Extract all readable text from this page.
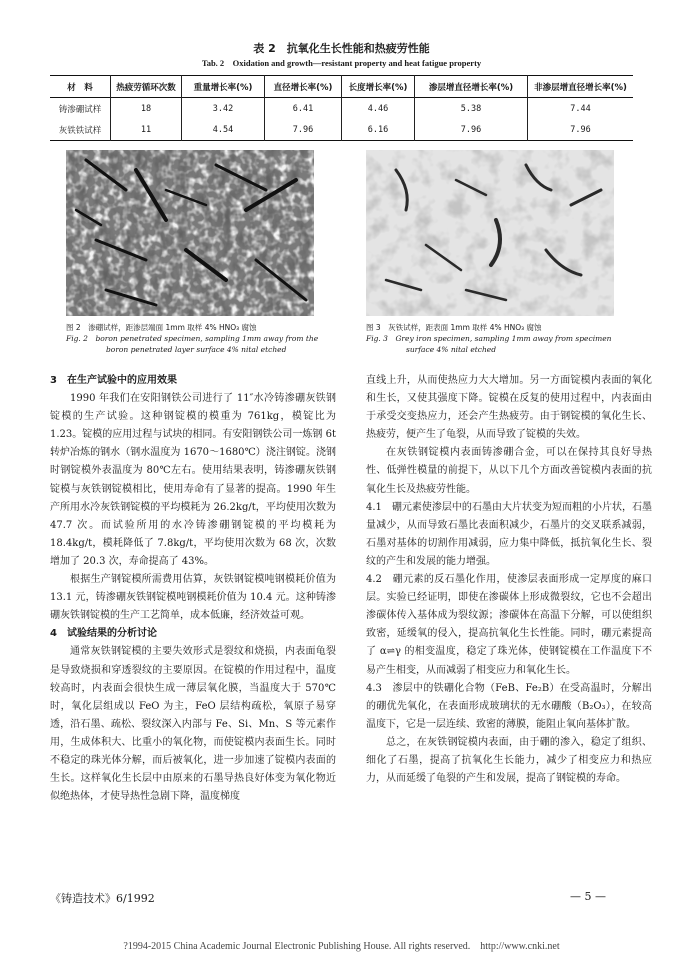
表 2　抗氧化生长性能和热疲劳性能
Tab. 2　Oxidation and growth—resistant property and heat fatigue property
材　料	热疲劳循环次数	重量增长率(%)	直径增长率(%)	长度增长率(%)	渗层增直径增长率(%)	非渗层增直径增长率(%)
铸渗硼试样	18	3.42	6.41	4.46	5.38	7.44
灰铁铁试样	11	4.54	7.96	6.16	7.96	7.96
图 2　渗硼试样，距渗层端面 1mm 取样 4% HNO₃ 腐蚀
Fig. 2　boron penetrated specimen, sampling 1mm away from the
boron penetrated layer surface 4% nital etched
图 3　灰铁试样，距表面 1mm 取样 4% HNO₃ 腐蚀
Fig. 3　Grey iron specimen, sampling 1mm away from specimen
surface 4% nital etched
3　在生产试验中的应用效果

1990 年我们在安阳钢铁公司进行了 11″水冷铸渗硼灰铁钢锭模的生产试验。这种钢锭模的模重为 761kg，模锭比为 1.23。锭模的应用过程与试块的相同。有安阳钢铁公司一炼钢 6t 转炉冶炼的钢水（钢水温度为 1670～1680℃）浇注钢锭。浇钢时钢锭模外表温度为 80℃左右。使用结果表明，铸渗硼灰铁钢锭模与灰铁钢锭模相比，使用寿命有了显著的提高。1990 年生产所用水冷灰铁钢锭模的平均模耗为 26.2kg/t，平均使用次数为 47.7 次。而试验所用的水冷铸渗硼钢锭模的平均模耗为 18.4kg/t，模耗降低了 7.8kg/t，平均使用次数为 68 次，次数增加了 20.3 次，寿命提高了 43%。

根据生产钢锭模所需费用估算，灰铁钢锭模吨钢模耗价值为 13.1 元，铸渗硼灰铁钢锭模吨钢模耗价值为 10.4 元。这种铸渗硼灰铁钢锭模的生产工艺简单，成本低廉，经济效益可观。

4　试验结果的分析讨论

通常灰铁钢锭模的主要失效形式是裂纹和烧损，内表面龟裂是导致烧损和穿透裂纹的主要原因。在锭模的作用过程中，温度较高时，内表面会很快生成一薄层氧化膜，当温度大于 570℃时，氧化层组成以 FeO 为主，FeO 层结构疏松，氧原子易穿透，沿石墨、疏松、裂纹深入内部与 Fe、Si、Mn、S 等元素作用，生成体积大、比重小的氧化物，而使锭模内表面生长。同时不稳定的珠光体分解，而后被氧化，进一步加速了锭模内表面的生长。这样氧化生长层中由原来的石墨导热良好体变为氧化物近似绝热体，才使导热性急剧下降，温度梯度

直线上升，从而使热应力大大增加。另一方面锭模内表面的氧化和生长，又使其强度下降。锭模在反复的使用过程中，内表面由于承受交变热应力，还会产生热疲劳。由于钢锭模的氧化生长、热疲劳，便产生了龟裂，从而导致了锭模的失效。

在灰铁钢锭模内表面铸渗硼合金，可以在保持其良好导热性、低弹性模量的前提下，从以下几个方面改善锭模内表面的抗氧化生长及热疲劳性能。

4.1　硼元素使渗层中的石墨由大片状变为短而粗的小片状，石墨量减少，从而导致石墨比表面积减少，石墨片的交叉联系减弱，石墨对基体的切割作用减弱，应力集中降低，抵抗氧化生长、裂纹的产生和发展的能力增强。

4.2　硼元素的反石墨化作用，使渗层表面形成一定厚度的麻口层。实验已经证明，即使在渗碳体上形成微裂纹，它也不会超出渗碳体传入基体成为裂纹源；渗碳体在高温下分解，可以使组织致密，延缓氧的侵入，提高抗氧化生长性能。同时，硼元素提高了 α⇌γ 的相变温度，稳定了珠光体，使钢锭模在工作温度下不易产生相变，从而减弱了相变应力和氧化生长。

4.3　渗层中的铁硼化合物（FeB、Fe₂B）在受高温时，分解出的硼优先氧化，在表面形成玻璃状的无水硼酸（B₂O₃），在较高温度下，它是一层连续、致密的薄膜，能阻止氧向基体扩散。

总之，在灰铁钢锭模内表面，由于硼的渗入，稳定了组织、细化了石墨，提高了抗氧化生长能力，减少了相变应力和热应力，从而延缓了龟裂的产生和发展，提高了钢锭模的寿命。

《铸造技术》6/1992	— 5 —
?1994-2015 China Academic Journal Electronic Publishing House. All rights reserved.　http://www.cnki.net
